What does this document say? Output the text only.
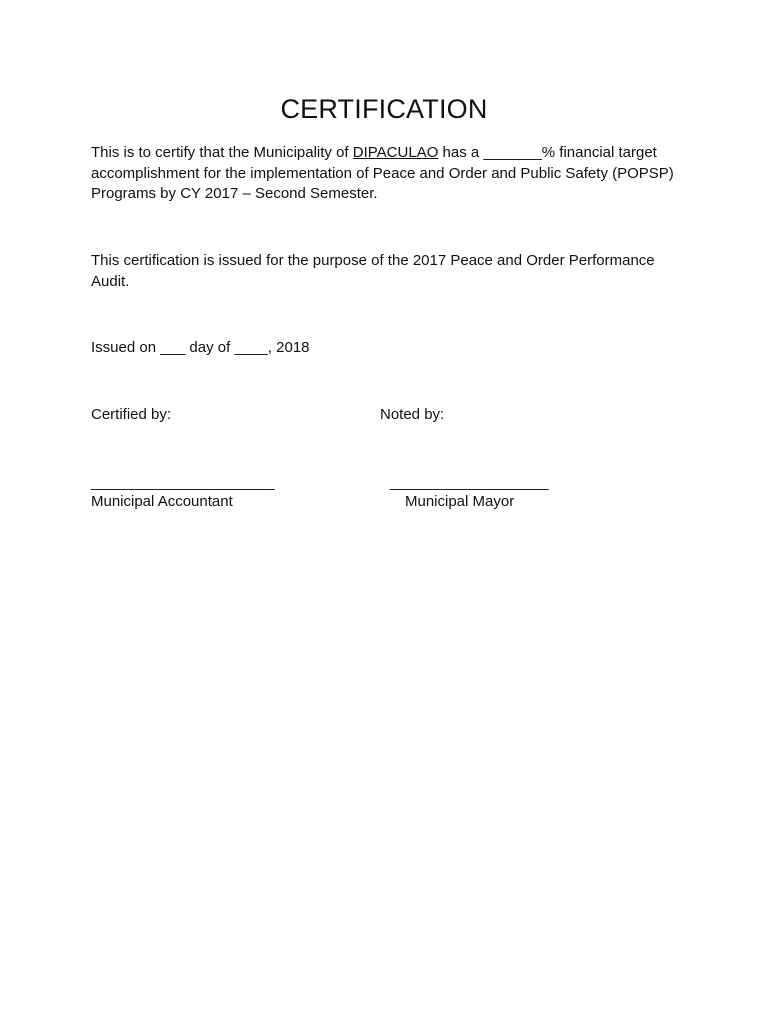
CERTIFICATION
This is to certify that the Municipality of DIPACULAO has a _______% financial target
accomplishment for the implementation of Peace and Order and Public Safety (POPSP)
Programs by CY 2017 – Second Semester.
This certification is issued for the purpose of the 2017 Peace and Order Performance
Audit.
Issued on ___ day of ____, 2018
Certified by:	Noted by:
______________________	___________________
Municipal Accountant	Municipal Mayor
